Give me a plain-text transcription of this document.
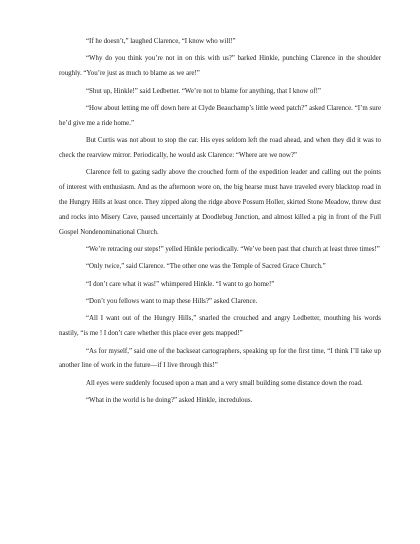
“If he doesn’t,” laughed Clarence, “I know who will!”

“Why do you think you’re not in on this with us?” barked Hinkle, punching Clarence in the shoulder roughly. “You’re just as much to blame as we are!”

“Shut up, Hinkle!” said Ledbetter. “We’re not to blame for anything, that I know of!”

“How about letting me off down here at Clyde Beauchamp’s little weed patch?” asked Clarence. “I’m sure he’d give me a ride home.”

But Curtis was not about to stop the car. His eyes seldom left the road ahead, and when they did it was to check the rearview mirror. Periodically, he would ask Clarence: “Where are we now?”

Clarence fell to gazing sadly above the crouched form of the expedition leader and calling out the points of interest with enthusiasm. And as the afternoon wore on, the big hearse must have traveled every blacktop road in the Hungry Hills at least once. They zipped along the ridge above Possum Holler, skirted Stone Meadow, threw dust and rocks into Misery Cave, paused uncertainly at Doodlebug Junction, and almost killed a pig in front of the Full Gospel Nondenominational Church.

“We’re retracing our steps!” yelled Hinkle periodically. “We’ve been past that church at least three times!”

“Only twice,” said Clarence. “The other one was the Temple of Sacred Grace Church.”

“I don’t care what it was!” whimpered Hinkle. “I want to go home!”

“Don’t you fellows want to map these Hills?” asked Clarence.

“All I want out of the Hungry Hills,” snarled the crouched and angry Ledbetter, mouthing his words nastily, “is me ! I don’t care whether this place ever gets mapped!”

“As for myself,” said one of the backseat cartographers, speaking up for the first time, “I think I’ll take up another line of work in the future—if I live through this!”

All eyes were suddenly focused upon a man and a very small building some distance down the road.

“What in the world is he doing?” asked Hinkle, incredulous.
